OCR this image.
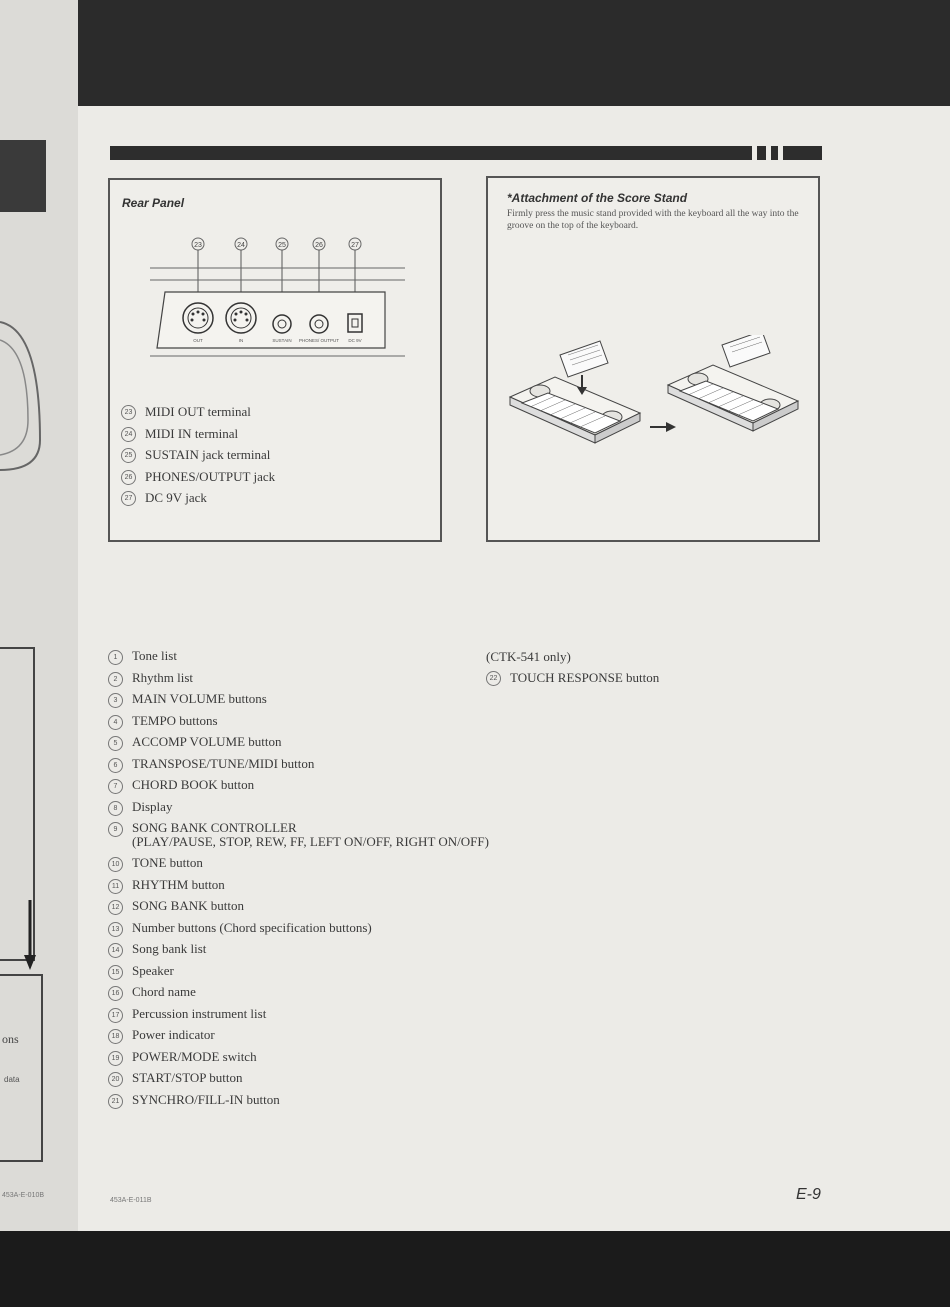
ons
data
453A-E-010B
Rear Panel
23	24	25	26	27
OUT	IN	SUSTAIN PHONES/ OUTPUT DC 9V
23 MIDI OUT terminal
24 MIDI IN terminal
25 SUSTAIN jack terminal
26 PHONES/OUTPUT jack
27 DC 9V jack
*Attachment of the Score Stand
Firmly press the music stand provided with the keyboard all the way into the groove on the top of the keyboard.
1	Tone list
2	Rhythm list
3	MAIN VOLUME buttons
4	TEMPO buttons
5	ACCOMP VOLUME button
6	TRANSPOSE/TUNE/MIDI button
7	CHORD BOOK button
8	Display
9	SONG BANK CONTROLLER
(PLAY/PAUSE, STOP, REW, FF, LEFT ON/OFF, RIGHT ON/OFF)
10 TONE button
11 RHYTHM button
12 SONG BANK button
13 Number buttons (Chord specification buttons)
14 Song bank list
15 Speaker
16 Chord name
17 Percussion instrument list
18 Power indicator
19 POWER/MODE switch
20 START/STOP button
21 SYNCHRO/FILL-IN button
(CTK-541 only)
22 TOUCH RESPONSE button
453A-E-011B	E-9
